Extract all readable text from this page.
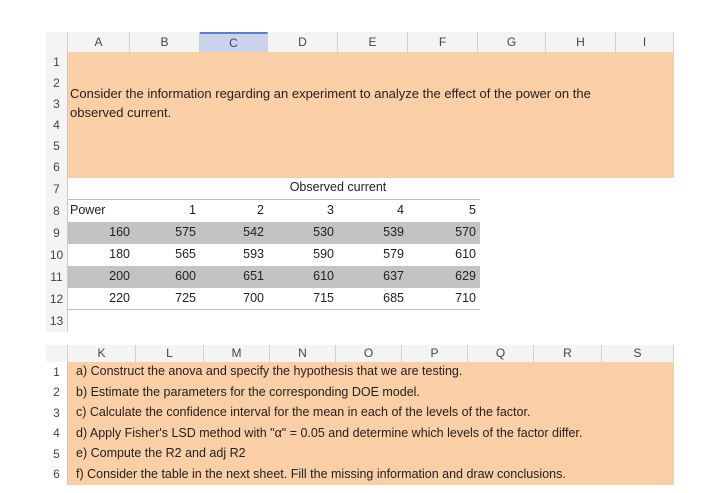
A	B	C	D	E	F	G	H	I
Consider the information regarding an experiment to analyze the effect of the power on the
observed current.
1
2
3
4
5
6
7
8
9
10
11
12
13
Observed current
Power	1	2	3	4	5
160	575	542	530	539	570
180	565	593	590	579	610
200	600	651	610	637	629
220	725	700	715	685	710
K	L	M	N	O	P	Q	R	S
1
2
3
4
5
6
a) Construct the anova and specify the hypothesis that we are testing.
b) Estimate the parameters for the corresponding DOE model.
c) Calculate the confidence interval for the mean in each of the levels of the factor.
d) Apply Fisher's LSD method with "α" = 0.05 and determine which levels of the factor differ.
e) Compute the R2 and adj R2
f) Consider the table in the next sheet. Fill the missing information and draw conclusions.
